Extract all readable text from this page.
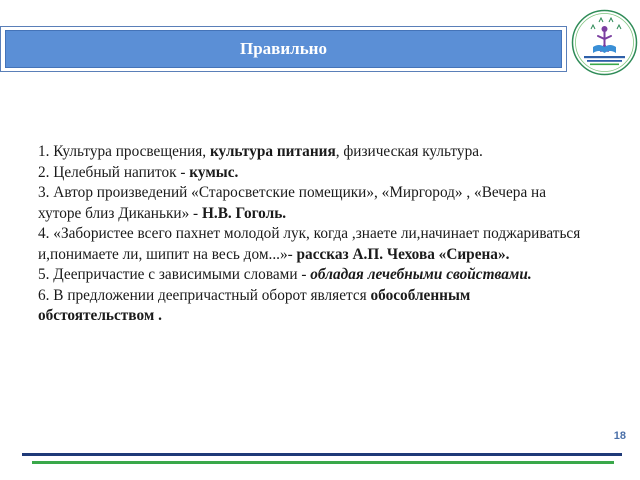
Правильно

1. Культура просвещения, культура питания, физическая культура.

2. Целебный напиток - кумыс.

3. Автор произведений «Старосветские помещики», «Миргород» , «Вечера на хуторе близ Диканьки» - Н.В. Гоголь.

4. «Забористее всего пахнет молодой лук, когда ,знаете ли,начинает поджариваться и,понимаете ли, шипит на весь дом...»- рассказ А.П. Чехова «Сирена».

5. Деепричастие с зависимыми словами - обладая лечебными свойствами.

6. В предложении деепричастный оборот является обособленным обстоятельством .

18
